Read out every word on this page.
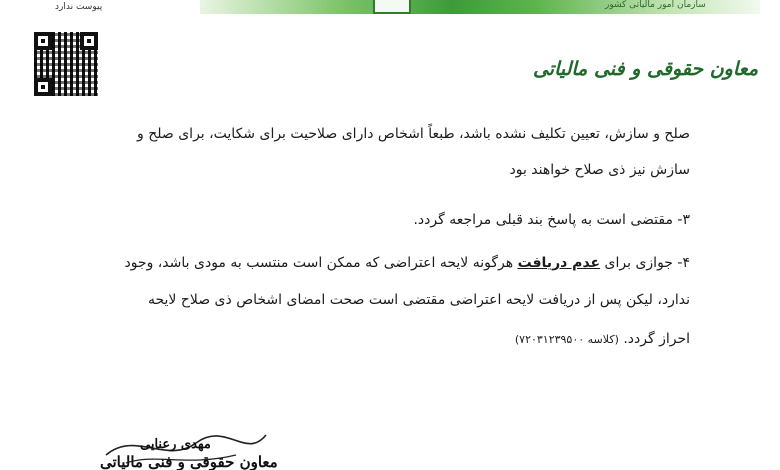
سازمان امور مالیاتی کشور
پیوست ندارد
معاون حقوقی و فنی مالیاتی
صلح و سازش، تعیین تکلیف نشده باشد، طبعاً اشخاص دارای صلاحیت برای شکایت، برای صلح و
سازش نیز ذی صلاح خواهند بود
۳- مقتضی است به پاسخ بند قبلی مراجعه گردد.
۴- جوازی برای عدم دریافت هرگونه لایحه اعتراضی که ممکن است منتسب به مودی باشد، وجود
ندارد، لیکن پس از دریافت لایحه اعتراضی مقتضی است صحت امضای اشخاص ذی صلاح لایحه
احراز گردد. (کلاسه ۷۲۰۳۱۲۳۹۵۰۰)
مهدی رعنایی
معاون حقوقی و فنی مالیاتی
